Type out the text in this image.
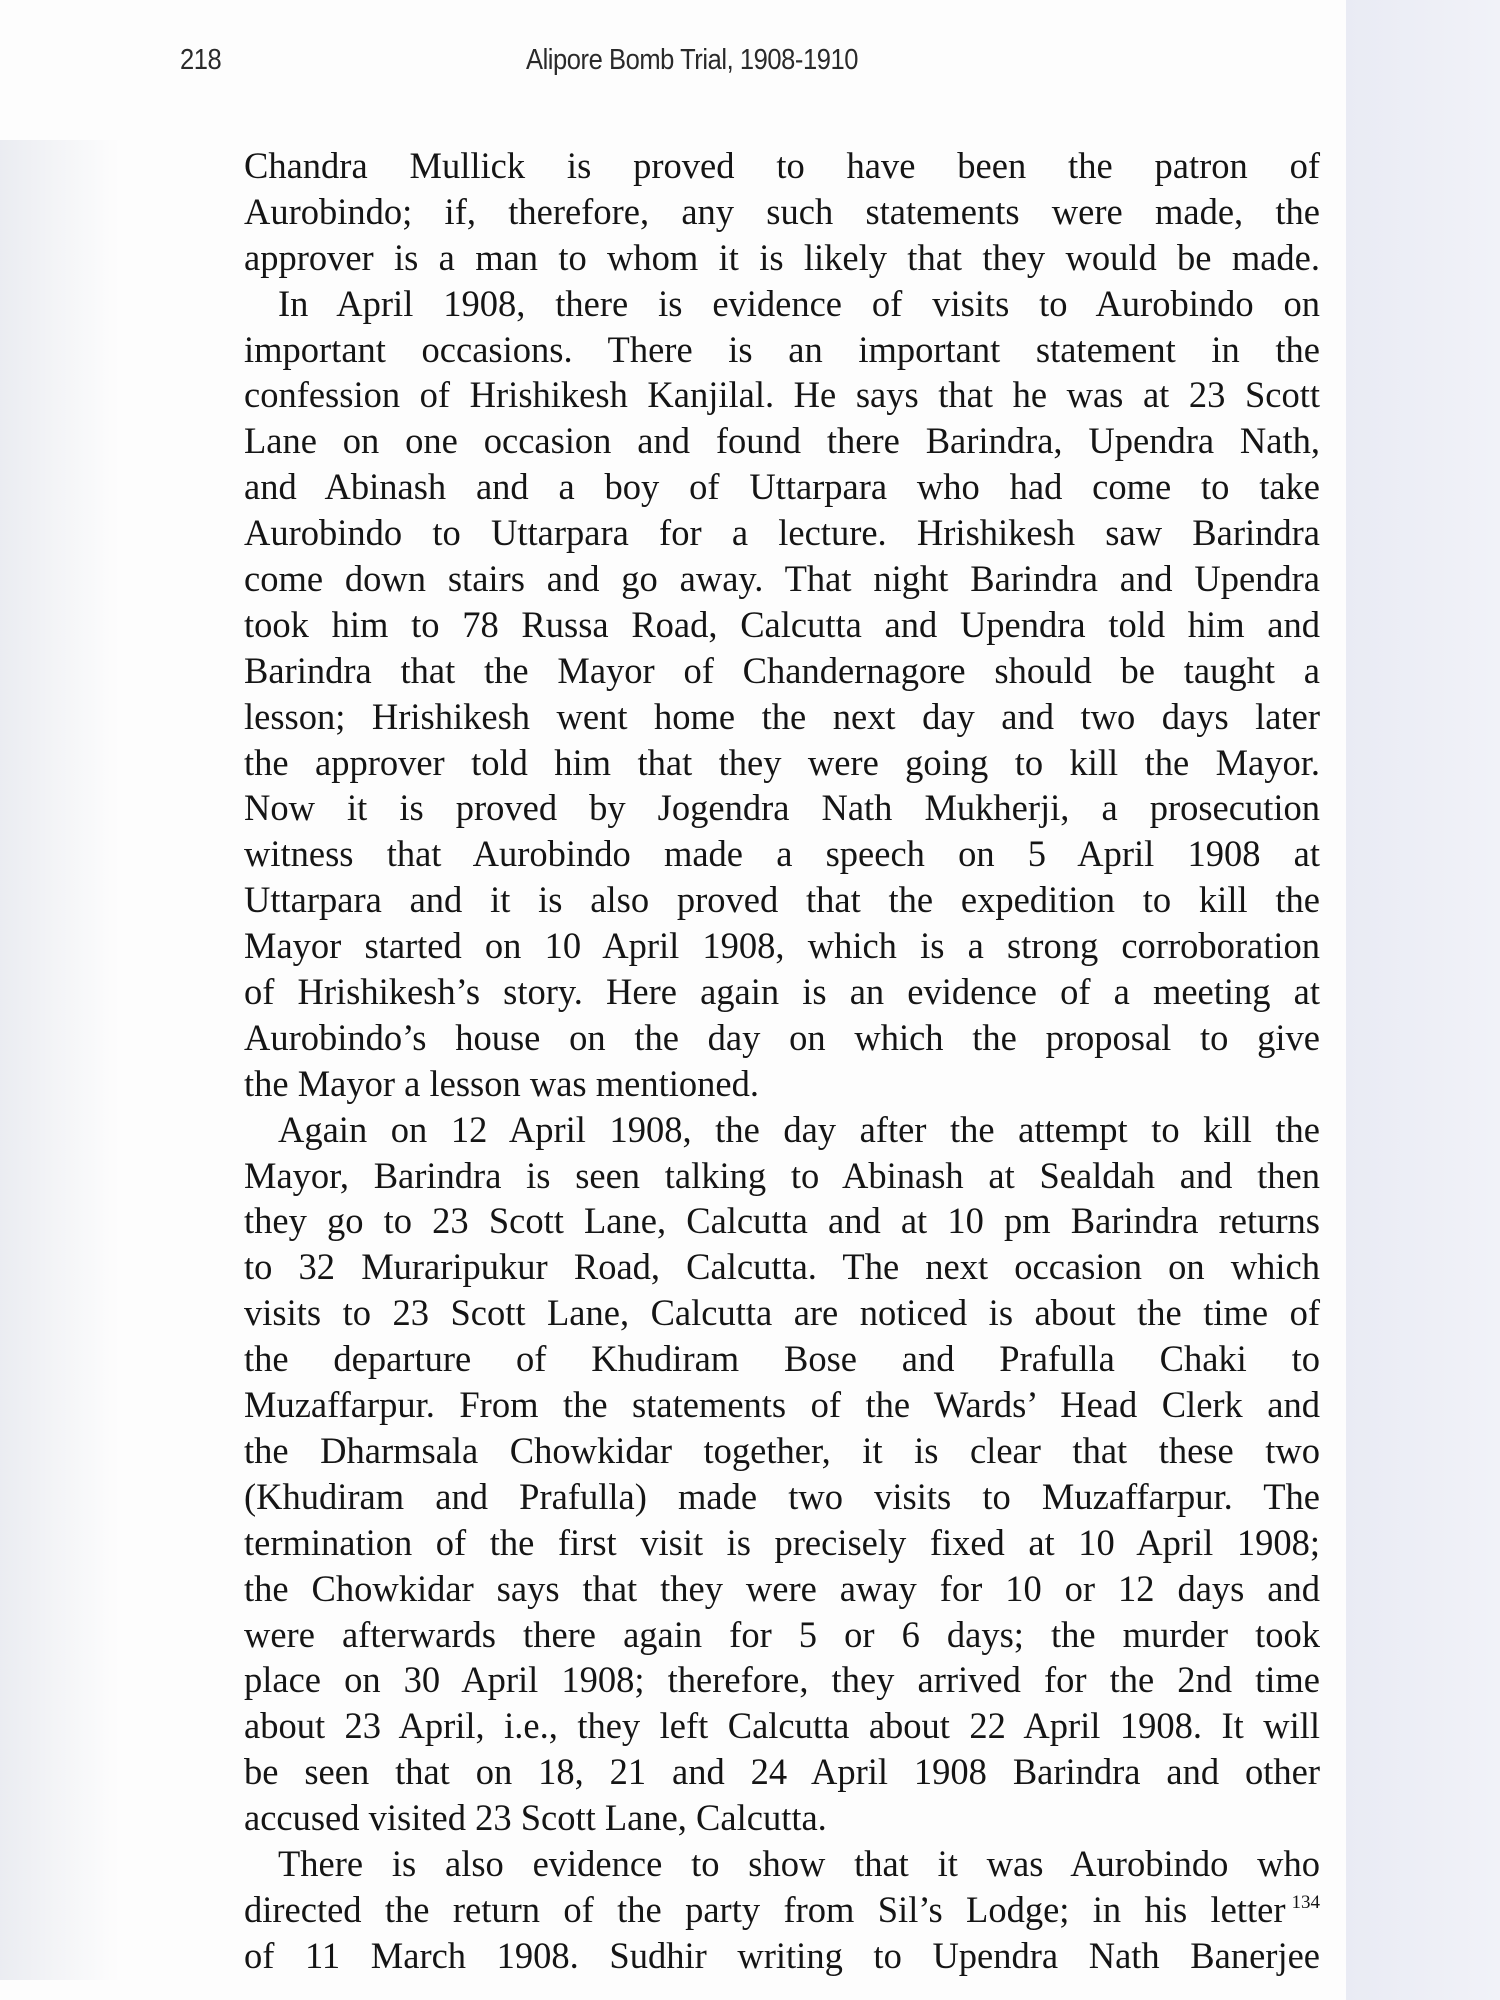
218	Alipore Bomb Trial, 1908-1910
Chandra Mullick is proved to have been the patron of
Aurobindo; if, therefore, any such statements were made, the
approver is a man to whom it is likely that they would be made.
In April 1908, there is evidence of visits to Aurobindo on
important occasions. There is an important statement in the
confession of Hrishikesh Kanjilal. He says that he was at 23 Scott
Lane on one occasion and found there Barindra, Upendra Nath,
and Abinash and a boy of Uttarpara who had come to take
Aurobindo to Uttarpara for a lecture. Hrishikesh saw Barindra
come down stairs and go away. That night Barindra and Upendra
took him to 78 Russa Road, Calcutta and Upendra told him and
Barindra that the Mayor of Chandernagore should be taught a
lesson; Hrishikesh went home the next day and two days later
the approver told him that they were going to kill the Mayor.
Now it is proved by Jogendra Nath Mukherji, a prosecution
witness that Aurobindo made a speech on 5 April 1908 at
Uttarpara and it is also proved that the expedition to kill the
Mayor started on 10 April 1908, which is a strong corroboration
of Hrishikesh’s story. Here again is an evidence of a meeting at
Aurobindo’s house on the day on which the proposal to give
the Mayor a lesson was mentioned.
Again on 12 April 1908, the day after the attempt to kill the
Mayor, Barindra is seen talking to Abinash at Sealdah and then
they go to 23 Scott Lane, Calcutta and at 10 pm Barindra returns
to 32 Muraripukur Road, Calcutta. The next occasion on which
visits to 23 Scott Lane, Calcutta are noticed is about the time of
the departure of Khudiram Bose and Prafulla Chaki to
Muzaffarpur. From the statements of the Wards’ Head Clerk and
the Dharmsala Chowkidar together, it is clear that these two
(Khudiram and Prafulla) made two visits to Muzaffarpur. The
termination of the first visit is precisely fixed at 10 April 1908;
the Chowkidar says that they were away for 10 or 12 days and
were afterwards there again for 5 or 6 days; the murder took
place on 30 April 1908; therefore, they arrived for the 2nd time
about 23 April, i.e., they left Calcutta about 22 April 1908. It will
be seen that on 18, 21 and 24 April 1908 Barindra and other
accused visited 23 Scott Lane, Calcutta.
There is also evidence to show that it was Aurobindo who
directed the return of the party from Sil’s Lodge; in his letter $^{134}$
of 11 March 1908. Sudhir writing to Upendra Nath Banerjee
